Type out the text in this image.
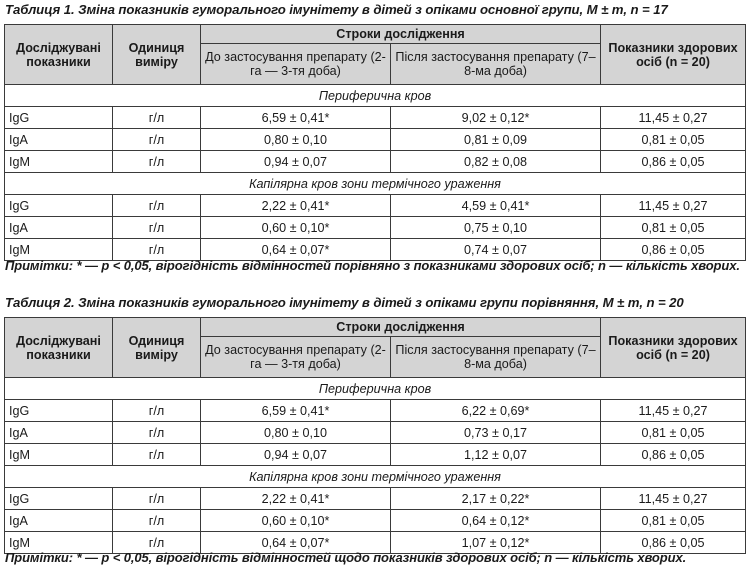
Таблиця 1. Зміна показників гуморального імунітету в дітей з опіками основної групи, M ± m, n = 17
Досліджувані показники	Одиниця виміру	Строки дослідження		Показники здорових осіб (n = 20)
		До застосування препарату (2-га — 3-тя доба)	Після застосування препарату (7–8-ма доба)	
Периферична кров				
IgG	г/л	6,59 ± 0,41*	9,02 ± 0,12*	11,45 ± 0,27
IgA	г/л	0,80 ± 0,10	0,81 ± 0,09	0,81 ± 0,05
IgM	г/л	0,94 ± 0,07	0,82 ± 0,08	0,86 ± 0,05
Капілярна кров зони термічного ураження				
IgG	г/л	2,22 ± 0,41*	4,59 ± 0,41*	11,45 ± 0,27
IgA	г/л	0,60 ± 0,10*	0,75 ± 0,10	0,81 ± 0,05
IgM	г/л	0,64 ± 0,07*	0,74 ± 0,07	0,86 ± 0,05
Примітки: * — p < 0,05, вірогідність відмінностей порівняно з показниками здорових осіб; n — кількість хворих.
Таблиця 2. Зміна показників гуморального імунітету в дітей з опіками групи порівняння, M ± m, n = 20
Досліджувані показники	Одиниця виміру	Строки дослідження		Показники здорових осіб (n = 20)
		До застосування препарату (2-га — 3-тя доба)	Після застосування препарату (7–8-ма доба)	
Периферична кров				
IgG	г/л	6,59 ± 0,41*	6,22 ± 0,69*	11,45 ± 0,27
IgA	г/л	0,80 ± 0,10	0,73 ± 0,17	0,81 ± 0,05
IgM	г/л	0,94 ± 0,07	1,12 ± 0,07	0,86 ± 0,05
Капілярна кров зони термічного ураження				
IgG	г/л	2,22 ± 0,41*	2,17 ± 0,22*	11,45 ± 0,27
IgA	г/л	0,60 ± 0,10*	0,64 ± 0,12*	0,81 ± 0,05
IgM	г/л	0,64 ± 0,07*	1,07 ± 0,12*	0,86 ± 0,05
Примітки: * — p < 0,05, вірогідність відмінностей щодо показників здорових осіб; n — кількість хворих.
